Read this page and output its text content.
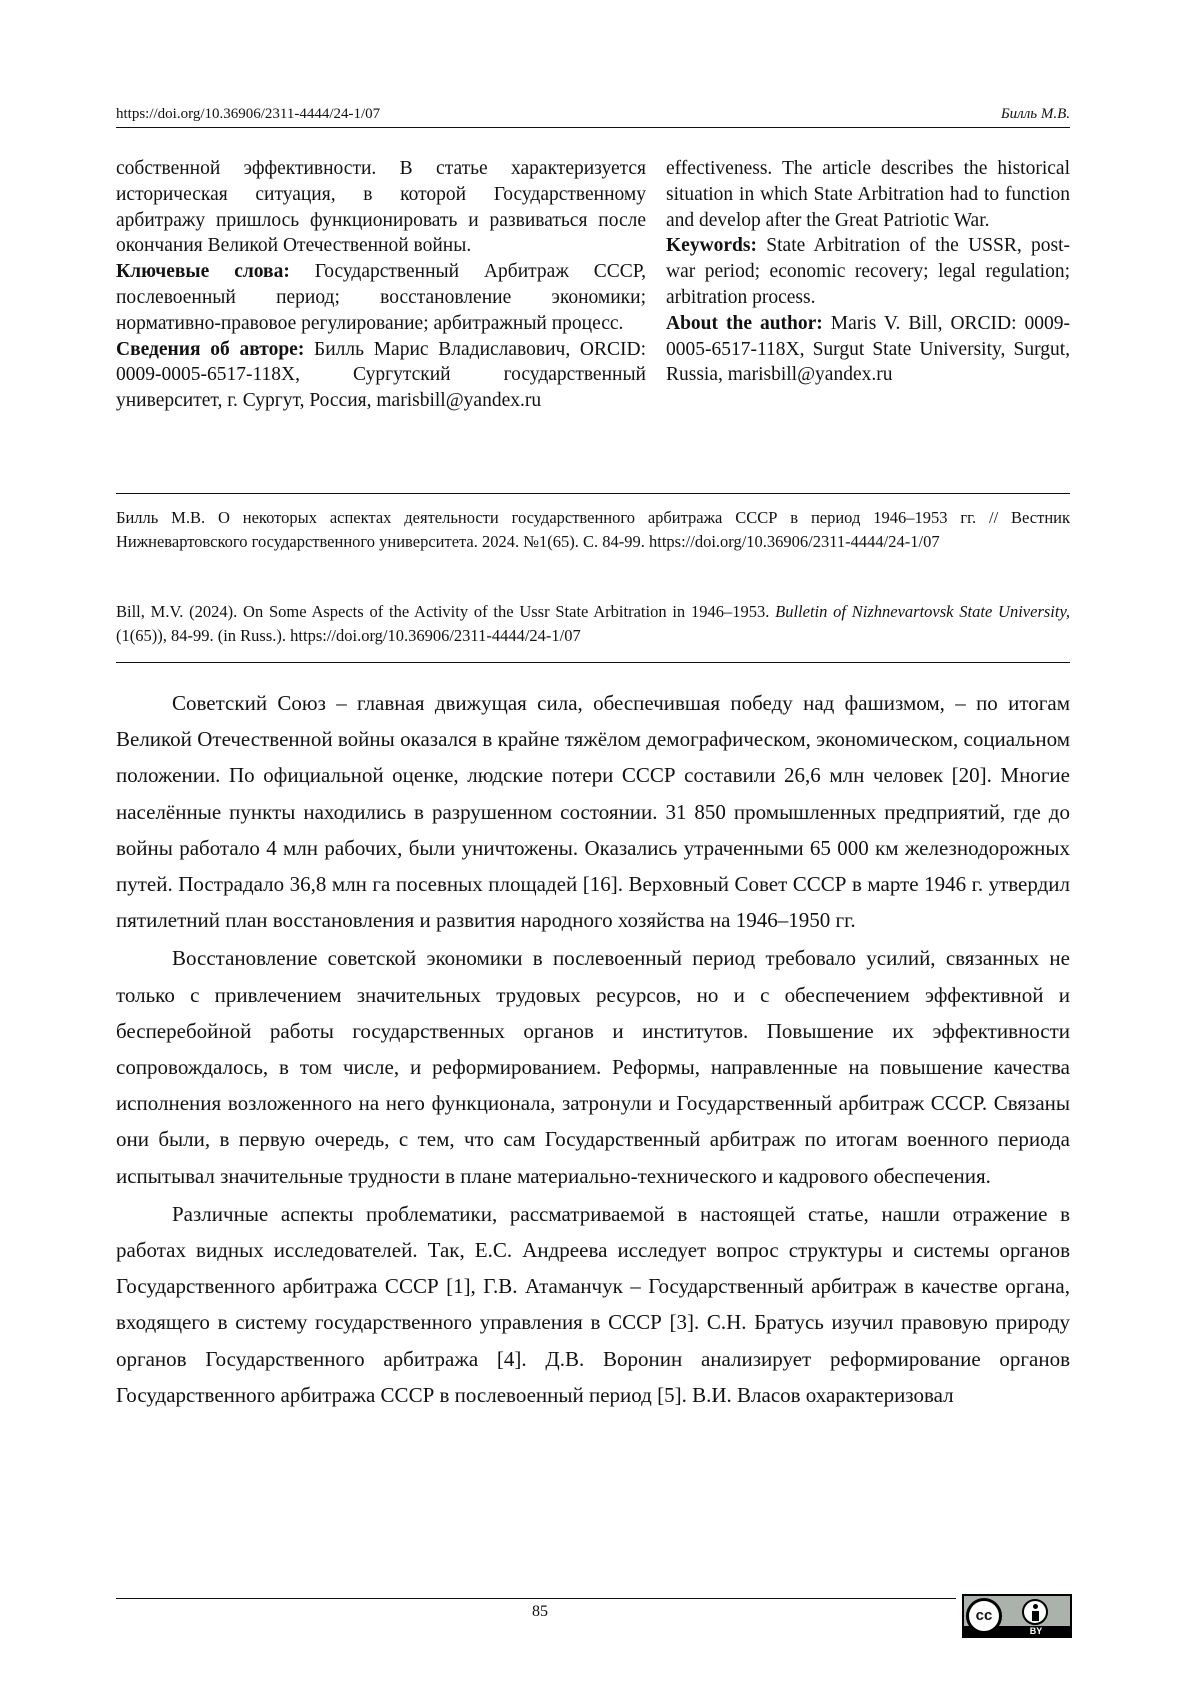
https://doi.org/10.36906/2311-4444/24-1/07	Билль М.В.

собственной эффективности. В статье характеризуется историческая ситуация, в которой Государственному арбитражу пришлось функционировать и развиваться после окончания Великой Отечественной войны.

Ключевые слова: Государственный Арбитраж СССР, послевоенный период; восстановление экономики; нормативно-правовое регулирование; арбитражный процесс.

Сведения об авторе: Билль Марис Владиславович, ORCID: 0009-0005-6517-118X, Сургутский государственный университет, г. Сургут, Россия, marisbill@yandex.ru

effectiveness. The article describes the historical situation in which State Arbitration had to function and develop after the Great Patriotic War.

Keywords: State Arbitration of the USSR, post-war period; economic recovery; legal regulation; arbitration process.

About the author: Maris V. Bill, ORCID: 0009-0005-6517-118X, Surgut State University, Surgut, Russia, marisbill@yandex.ru

Билль М.В. О некоторых аспектах деятельности государственного арбитража СССР в период 1946–1953 гг. // Вестник Нижневартовского государственного университета. 2024. №1(65). С. 84-99. https://doi.org/10.36906/2311-4444/24-1/07

Bill, M.V. (2024). On Some Aspects of the Activity of the Ussr State Arbitration in 1946–1953. Bulletin of Nizhnevartovsk State University, (1(65)), 84-99. (in Russ.). https://doi.org/10.36906/2311-4444/24-1/07

Советский Союз – главная движущая сила, обеспечившая победу над фашизмом, – по итогам Великой Отечественной войны оказался в крайне тяжёлом демографическом, экономическом, социальном положении. По официальной оценке, людские потери СССР составили 26,6 млн человек [20]. Многие населённые пункты находились в разрушенном состоянии. 31 850 промышленных предприятий, где до войны работало 4 млн рабочих, были уничтожены. Оказались утраченными 65 000 км железнодорожных путей. Пострадало 36,8 млн га посевных площадей [16]. Верховный Совет СССР в марте 1946 г. утвердил пятилетний план восстановления и развития народного хозяйства на 1946–1950 гг.

Восстановление советской экономики в послевоенный период требовало усилий, связанных не только с привлечением значительных трудовых ресурсов, но и с обеспечением эффективной и бесперебойной работы государственных органов и институтов. Повышение их эффективности сопровождалось, в том числе, и реформированием. Реформы, направленные на повышение качества исполнения возложенного на него функционала, затронули и Государственный арбитраж СССР. Связаны они были, в первую очередь, с тем, что сам Государственный арбитраж по итогам военного периода испытывал значительные трудности в плане материально-технического и кадрового обеспечения.

Различные аспекты проблематики, рассматриваемой в настоящей статье, нашли отражение в работах видных исследователей. Так, Е.С. Андреева исследует вопрос структуры и системы органов Государственного арбитража СССР [1], Г.В. Атаманчук – Государственный арбитраж в качестве органа, входящего в систему государственного управления в СССР [3]. С.Н. Братусь изучил правовую природу органов Государственного арбитража [4]. Д.В. Воронин анализирует реформирование органов Государственного арбитража СССР в послевоенный период [5]. В.И. Власов охарактеризовал

85	cc
BY
